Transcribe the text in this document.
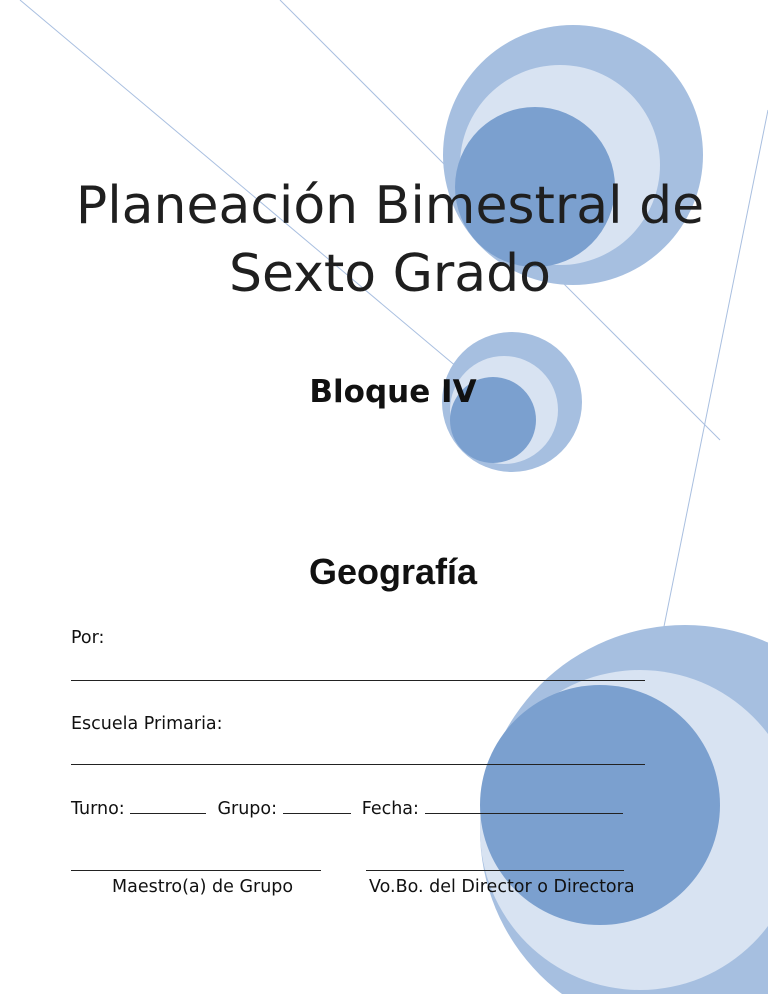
Planeación Bimestral de
Sexto Grado
Bloque IV
Geografía
Por:
Escuela Primaria:
Turno:	Grupo:	Fecha:
Maestro(a) de Grupo	Vo.Bo. del Director o Directora
